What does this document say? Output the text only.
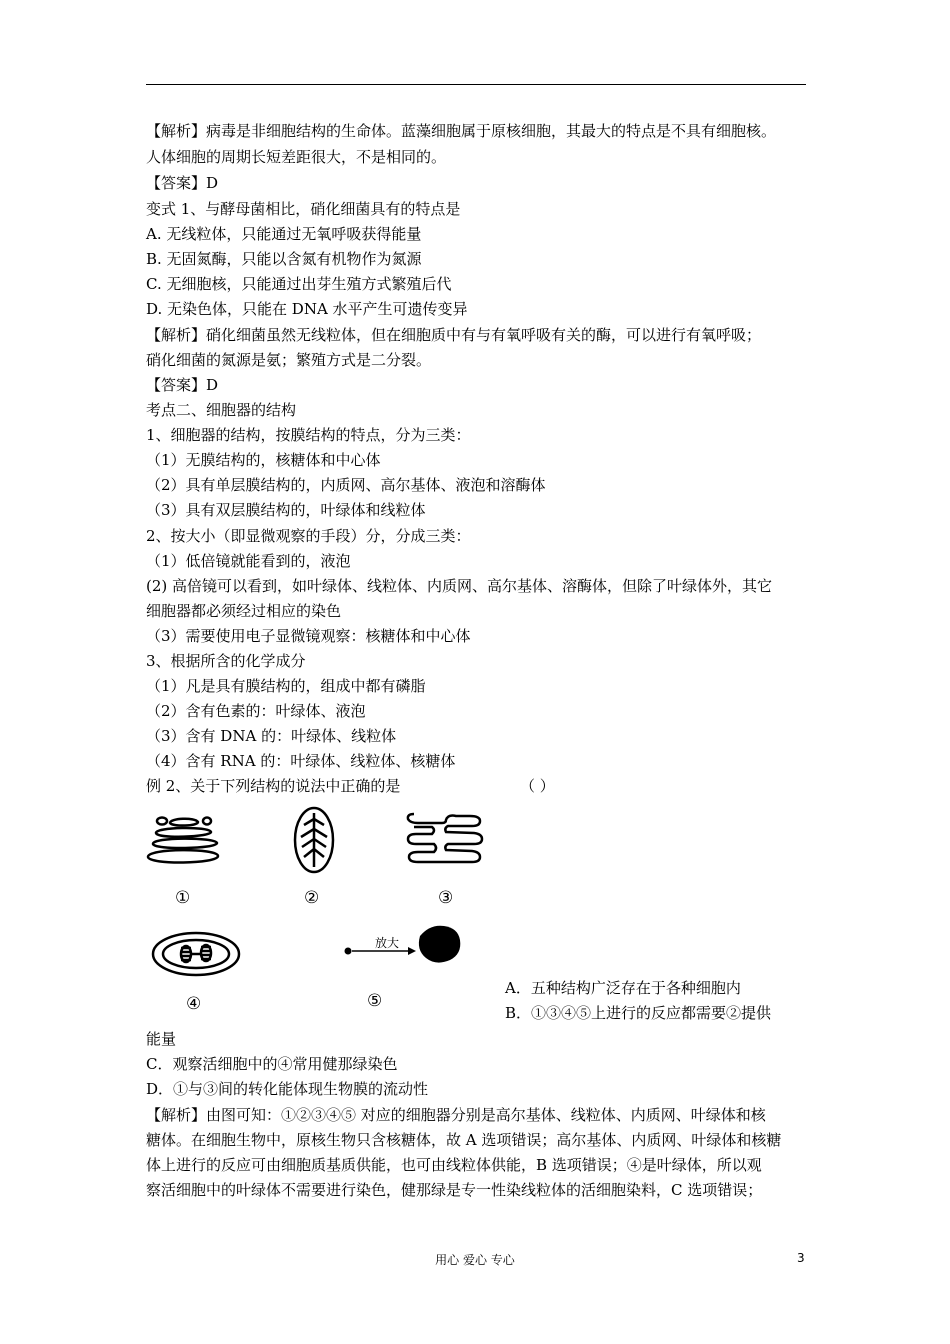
【解析】病毒是非细胞结构的生命体。蓝藻细胞属于原核细胞，其最大的特点是不具有细胞核。
人体细胞的周期长短差距很大，不是相同的。
【答案】D
变式 1、与酵母菌相比，硝化细菌具有的特点是
A. 无线粒体，只能通过无氧呼吸获得能量
B. 无固氮酶，只能以含氮有机物作为氮源
C. 无细胞核，只能通过出芽生殖方式繁殖后代
D. 无染色体，只能在 DNA 水平产生可遗传变异
【解析】硝化细菌虽然无线粒体，但在细胞质中有与有氧呼吸有关的酶，可以进行有氧呼吸；
硝化细菌的氮源是氨；繁殖方式是二分裂。
【答案】D
考点二、细胞器的结构
1、细胞器的结构，按膜结构的特点，分为三类：
（1）无膜结构的，核糖体和中心体
（2）具有单层膜结构的，内质网、高尔基体、液泡和溶酶体
（3）具有双层膜结构的，叶绿体和线粒体
2、按大小（即显微观察的手段）分，分成三类：
（1）低倍镜就能看到的，液泡
(2) 高倍镜可以看到，如叶绿体、线粒体、内质网、高尔基体、溶酶体，但除了叶绿体外，其它
细胞器都必须经过相应的染色
（3）需要使用电子显微镜观察：核糖体和中心体
3、根据所含的化学成分
（1）凡是具有膜结构的，组成中都有磷脂
（2）含有色素的：叶绿体、液泡
（3）含有 DNA 的：叶绿体、线粒体
（4）含有 RNA 的：叶绿体、线粒体、核糖体
例 2、关于下列结构的说法中正确的是	（ ）
①	②	③
④
放大
⑤
A．五种结构广泛存在于各种细胞内
B．①③④⑤上进行的反应都需要②提供
能量
C．观察活细胞中的④常用健那绿染色
D．①与③间的转化能体现生物膜的流动性
【解析】由图可知：①②③④⑤ 对应的细胞器分别是高尔基体、线粒体、内质网、叶绿体和核
糖体。在细胞生物中，原核生物只含核糖体，故 A 选项错误；高尔基体、内质网、叶绿体和核糖
体上进行的反应可由细胞质基质供能，也可由线粒体供能，B 选项错误；④是叶绿体，所以观
察活细胞中的叶绿体不需要进行染色，健那绿是专一性染线粒体的活细胞染料，C 选项错误；
用心 爱心 专心	3
